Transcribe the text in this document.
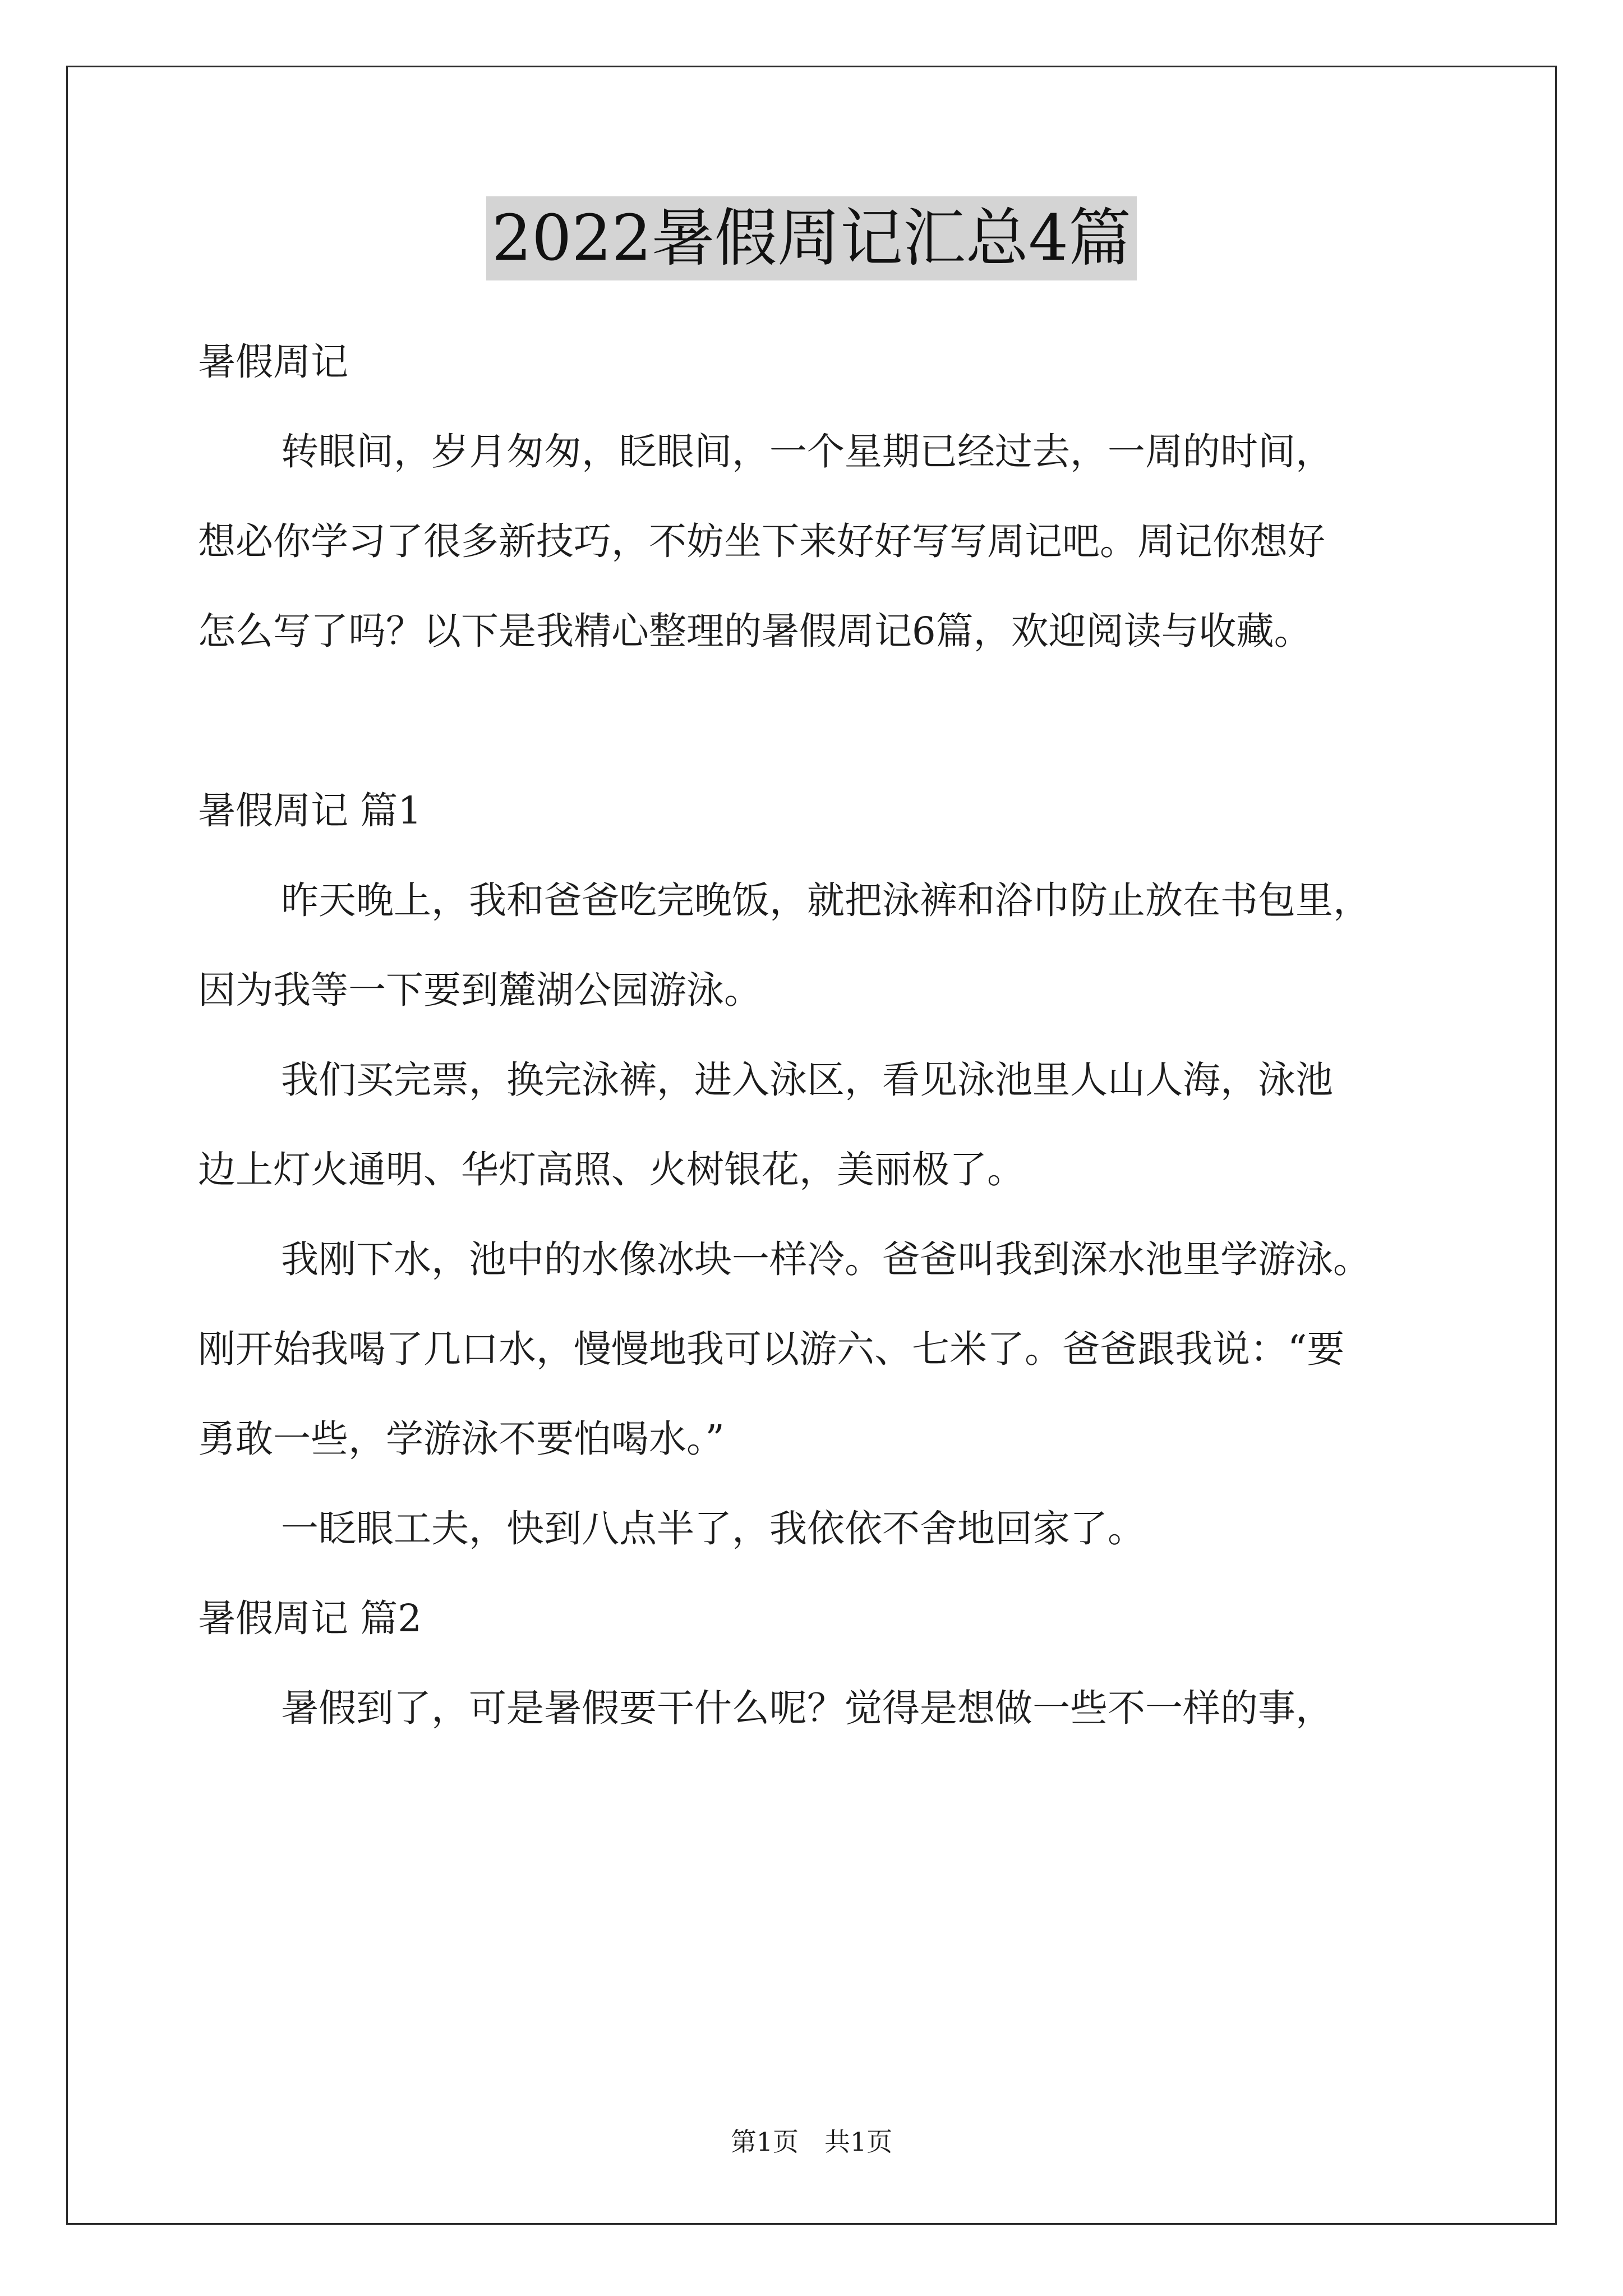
2022暑假周记汇总4篇
暑假周记
转眼间，岁月匆匆，眨眼间，一个星期已经过去，一周的时间，
想必你学习了很多新技巧，不妨坐下来好好写写周记吧。周记你想好
怎么写了吗？以下是我精心整理的暑假周记6篇，欢迎阅读与收藏。
暑假周记 篇1
昨天晚上，我和爸爸吃完晚饭，就把泳裤和浴巾防止放在书包里，
因为我等一下要到麓湖公园游泳。
我们买完票，换完泳裤，进入泳区，看见泳池里人山人海，泳池
边上灯火通明、华灯高照、火树银花，美丽极了。
我刚下水，池中的水像冰块一样冷。爸爸叫我到深水池里学游泳。
刚开始我喝了几口水，慢慢地我可以游六、七米了。爸爸跟我说：“要
勇敢一些，学游泳不要怕喝水。”
一眨眼工夫，快到八点半了，我依依不舍地回家了。
暑假周记 篇2
暑假到了，可是暑假要干什么呢？觉得是想做一些不一样的事，
第1页　共1页
